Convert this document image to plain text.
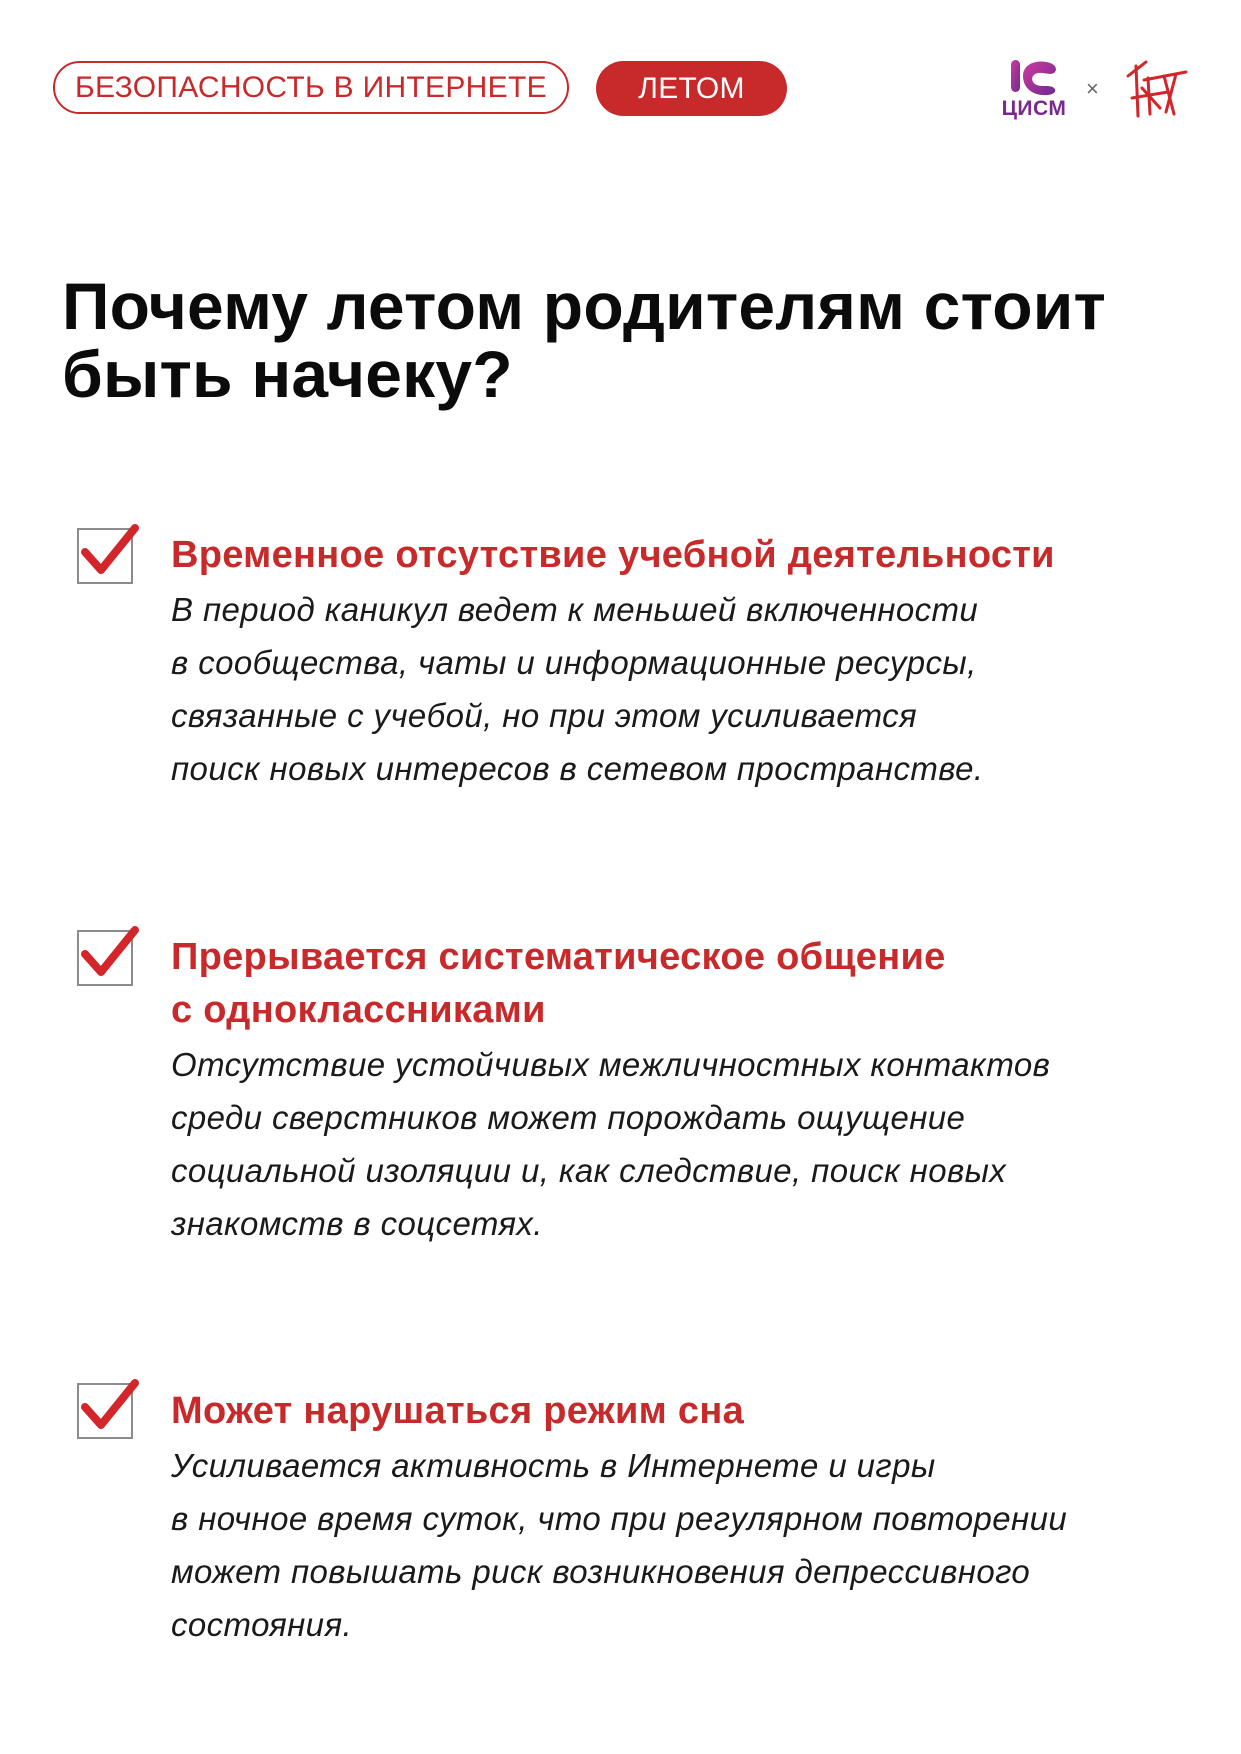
БЕЗОПАСНОСТЬ В ИНТЕРНЕТЕ	ЛЕТОМ
ЦИСМ
×
Почему летом родителям стоит
быть начеку?
Временное отсутствие учебной деятельности

В период каникул ведет к меньшей включенности
в сообщества, чаты и информационные ресурсы,
связанные с учебой, но при этом усиливается
поиск новых интересов в сетевом пространстве.

Прерывается систематическое общение
с одноклассниками

Отсутствие устойчивых межличностных контактов
среди сверстников может порождать ощущение
социальной изоляции и, как следствие, поиск новых
знакомств в соцсетях.

Может нарушаться режим сна

Усиливается активность в Интернете и игры
в ночное время суток, что при регулярном повторении
может повышать риск возникновения депрессивного
состояния.
